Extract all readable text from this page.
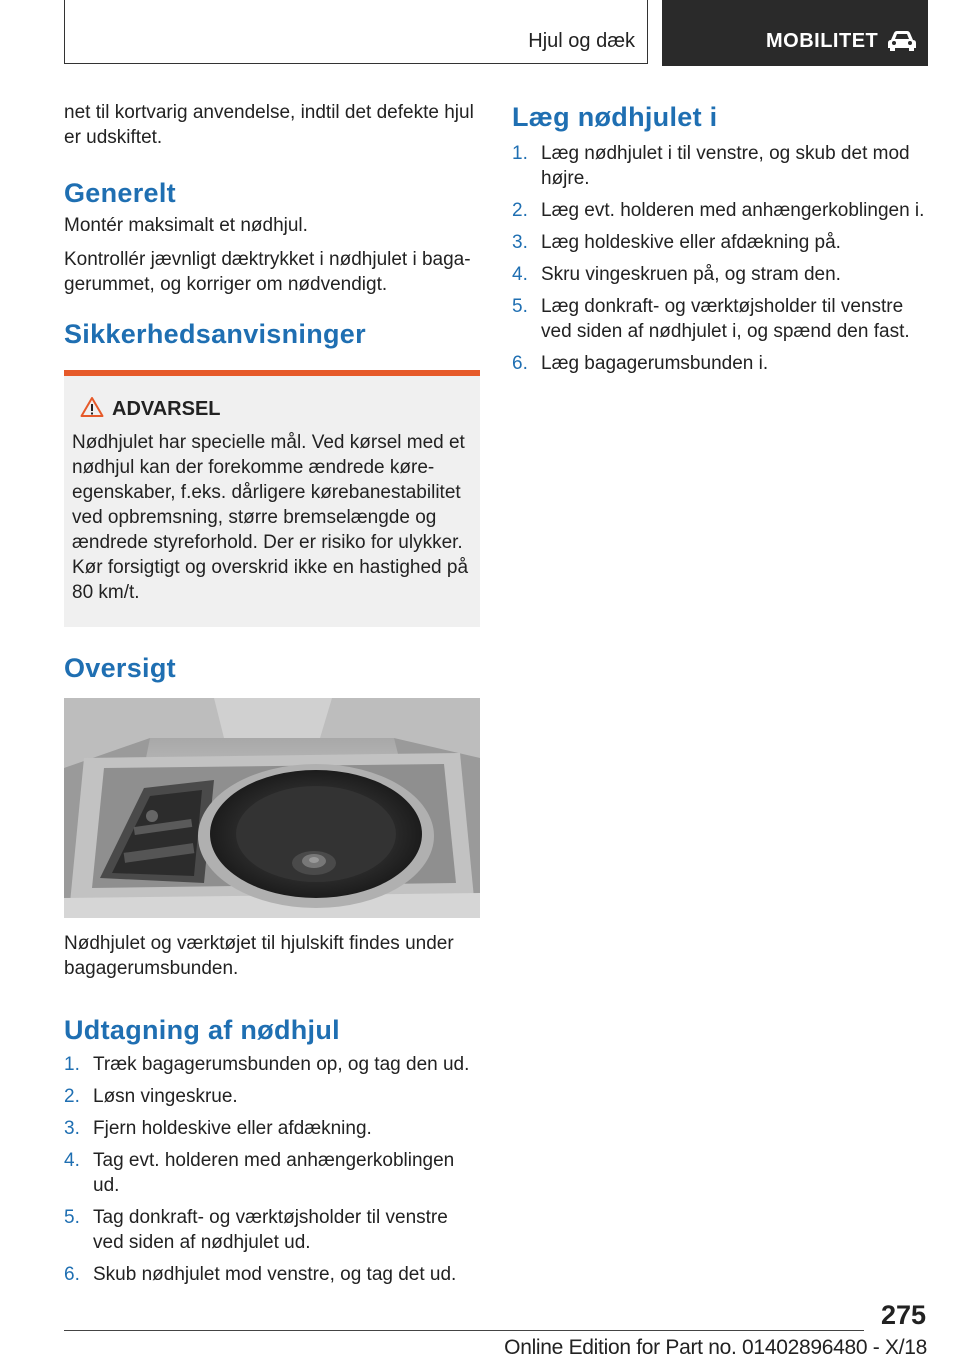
Hjul og dæk	MOBILITET

net til kortvarig anvendelse, indtil det defekte hjul er udskiftet.

Generelt

Montér maksimalt et nødhjul.

Kontrollér jævnligt dæktrykket i nødhjulet i bagagerummet, og korriger om nødvendigt.

Sikkerhedsanvisninger
ADVARSEL

Nødhjulet har specielle mål. Ved kørsel med et nødhjul kan der forekomme ændrede køreegenskaber, f.eks. dårligere kørebanestabilitet ved opbremsning, større bremselængde og ændrede styreforhold. Der er risiko for ulykker. Kør forsigtigt og overskrid ikke en hastighed på 80 km/t.

Oversigt

Nødhjulet og værktøjet til hjulskift findes under bagagerumsbunden.

Udtagning af nødhjul
1. Træk bagagerumsbunden op, og tag den ud.
2. Løsn vingeskrue.
3. Fjern holdeskive eller afdækning.
4. Tag evt. holderen med anhængerkoblingen ud.
5. Tag donkraft- og værktøjsholder til venstre ved siden af nødhjulet ud.
6. Skub nødhjulet mod venstre, og tag det ud.
Læg nødhjulet i
1. Læg nødhjulet i til venstre, og skub det mod højre.
2. Læg evt. holderen med anhængerkoblingen i.
3. Læg holdeskive eller afdækning på.
4. Skru vingeskruen på, og stram den.
5. Læg donkraft- og værktøjsholder til venstre ved siden af nødhjulet i, og spænd den fast.
6. Læg bagagerumsbunden i.
275
Online Edition for Part no. 01402896480 - X/18
